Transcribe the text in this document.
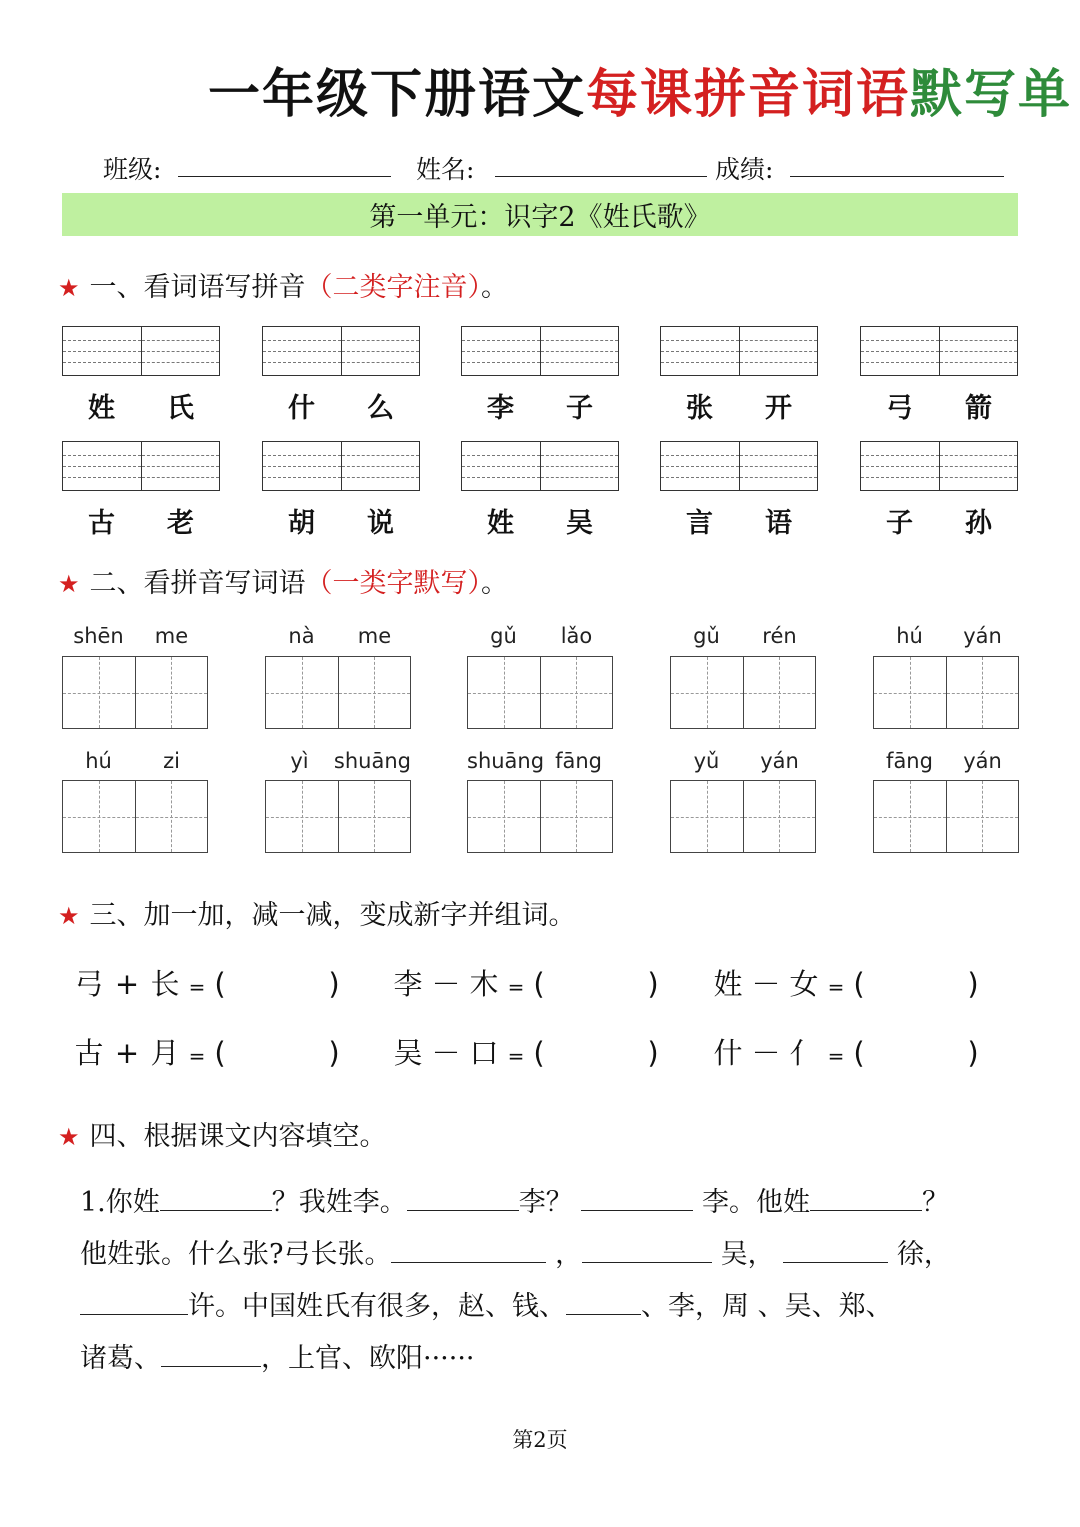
一年级下册语文每课拼音词语默写单
班级:	姓名:	成绩:
第一单元：识字2《姓氏歌》
★ 一、看词语写拼音（二类字注音）。
姓	氏	什	么	李	子	张	开	弓	箭
古	老	胡	说	姓	吴	言	语	子	孙
★ 二、看拼音写词语（一类字默写）。
shēn	me	nà	me	gǔ	lǎo	gǔ	rén	hú	yán
hú	zi	yì	shuāng	shuāng fāng	yǔ	yán	fāng	yán
★ 三、加一加，减一减，变成新字并组词。
弓 + 长 = (	) 李 － 木 = (	) 姓 － 女 = (	)
古 + 月 = (	) 吴 － 口 = (	) 什 － 亻 = (	)
★ 四、根据课文内容填空。
1.你姓	？我姓李。	李？	李。他姓	？
他姓张。什么张?弓长张。	，	吴，	徐，
许。中国姓氏有很多，赵、钱、	、李，周 、吴、郑、
诸葛、	，上官、欧阳······
第2页
